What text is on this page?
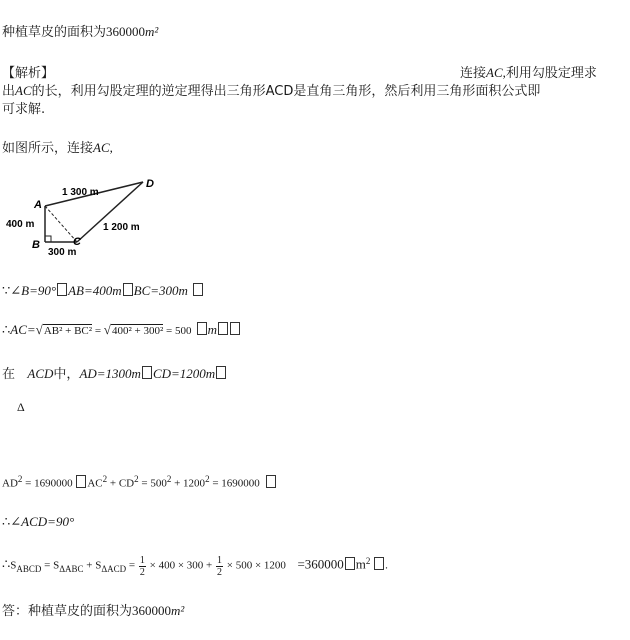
种植草皮的面积为360000m²
【解析】	连接AC,利用勾股定理求
出AC的长，利用勾股定理的逆定理得出三角形ACD是直角三角形，然后利用三角形面积公式即
可求解.
如图所示，连接AC,
A
B	C
D
1 300 m
400 m
300 m
1 200 m
∵∠B=90° AB=400m BC=300m
∴AC=√AB² + BC² = √400² + 300² = 500 m
在 ACD中，AD=1300m CD=1200m
Δ
$AD^2 = 1690000$ $AC^2 + CD^2 = 500^2 + 1200^2 = 1690000$
∴∠ACD=90°
$\therefore S_{ABCD} = S_{\Delta ABC} + S_{\Delta ACD} = \frac{1}{2} \times 400 \times 300 + \frac{1}{2} \times 500 \times 1200$    =360000 $m^2$ .
答：种植草皮的面积为360000m²
